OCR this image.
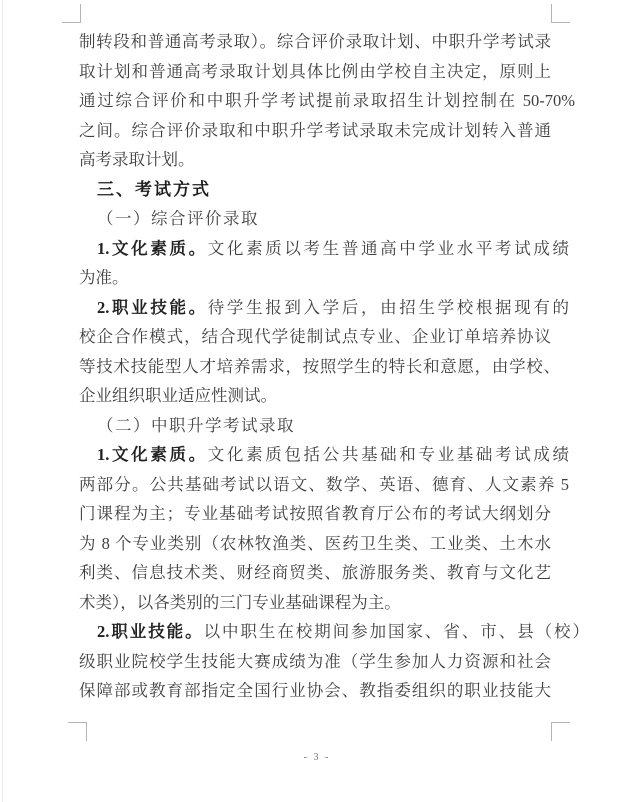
制转段和普通高考录取）。综合评价录取计划、中职升学考试录
取计划和普通高考录取计划具体比例由学校自主决定，原则上
通过综合评价和中职升学考试提前录取招生计划控制在 50-70%
之间。综合评价录取和中职升学考试录取未完成计划转入普通
高考录取计划。
三、考试方式
（一）综合评价录取
1.文化素质。文化素质以考生普通高中学业水平考试成绩
为准。
2.职业技能。待学生报到入学后，由招生学校根据现有的
校企合作模式，结合现代学徒制试点专业、企业订单培养协议
等技术技能型人才培养需求，按照学生的特长和意愿，由学校、
企业组织职业适应性测试。
（二）中职升学考试录取
1.文化素质。文化素质包括公共基础和专业基础考试成绩
两部分。公共基础考试以语文、数学、英语、德育、人文素养 5
门课程为主；专业基础考试按照省教育厅公布的考试大纲划分
为 8 个专业类别（农林牧渔类、医药卫生类、工业类、土木水
利类、信息技术类、财经商贸类、旅游服务类、教育与文化艺
术类），以各类别的三门专业基础课程为主。
2.职业技能。以中职生在校期间参加国家、省、市、县（校）
级职业院校学生技能大赛成绩为准（学生参加人力资源和社会
保障部或教育部指定全国行业协会、教指委组织的职业技能大
- 3 -
